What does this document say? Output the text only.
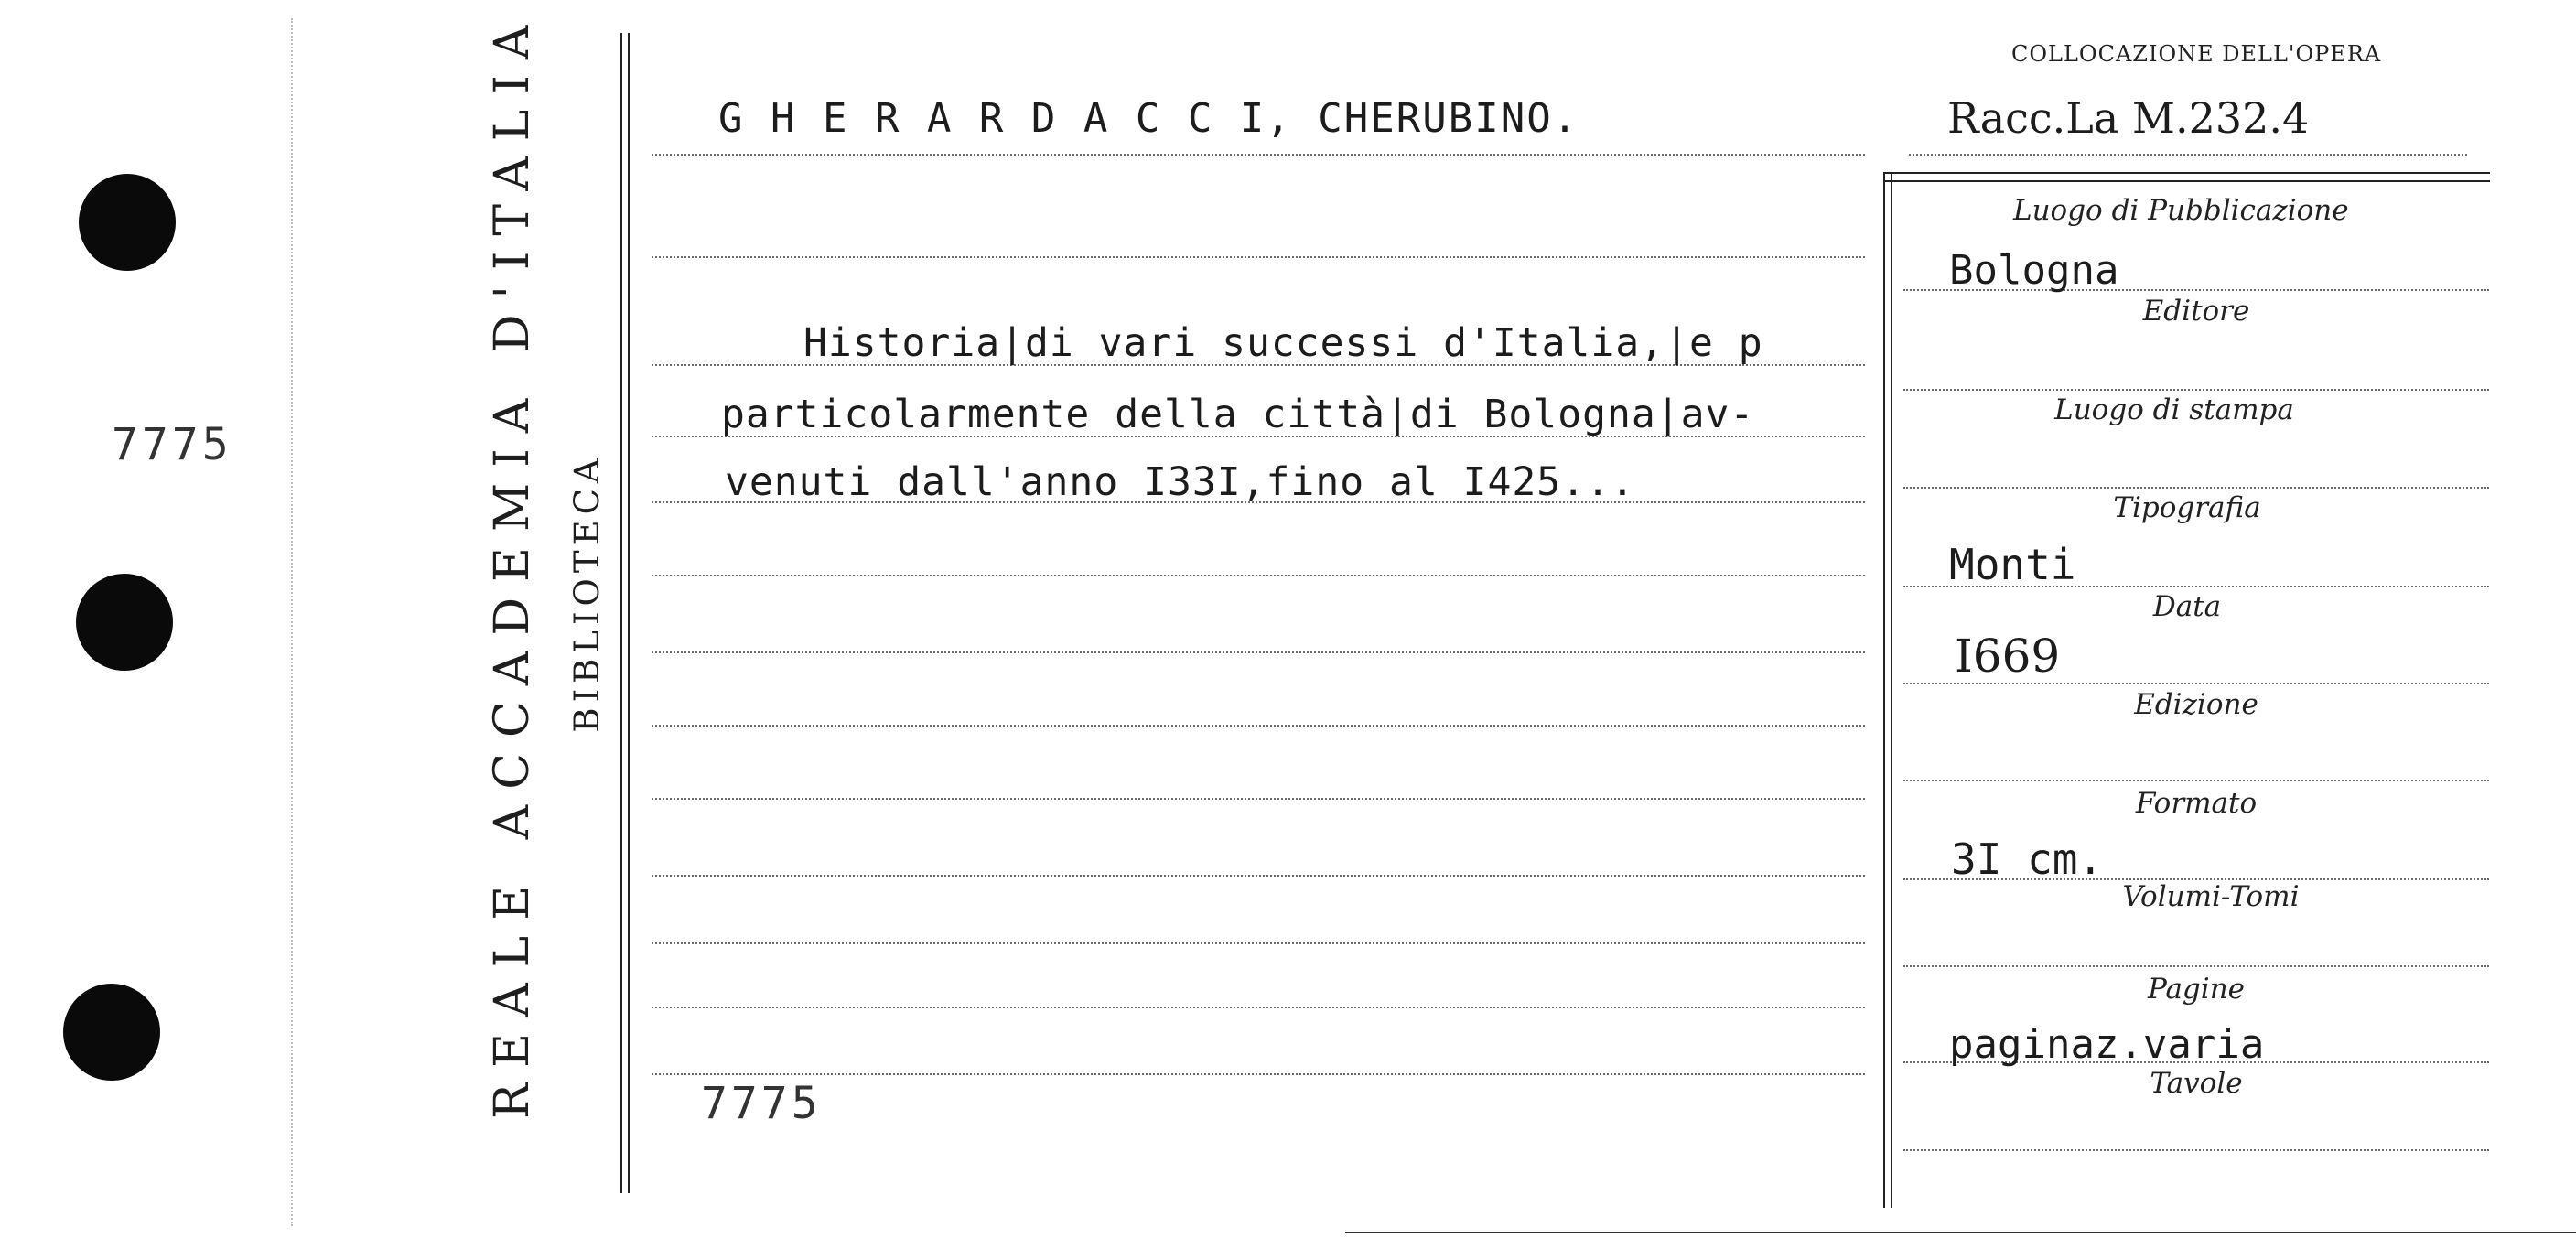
7775	REALE ACCADEMIA D'ITALIA BIBLIOTECA
G H E R A R D A C C I, CHERUBINO.
COLLOCAZIONE DELL'OPERA
Racc.La M.232.4
Historia|di vari successi d'Italia,|e p
particolarmente della città|di Bologna|av-
venuti dall'anno I33I,fino al I425...
7775
Luogo di Pubblicazione
Bologna
Editore
Luogo di stampa
Tipografia
Monti
Data
I669
Edizione
Formato
3I cm.
Volumi-Tomi
Pagine
paginaz.varia
Tavole
